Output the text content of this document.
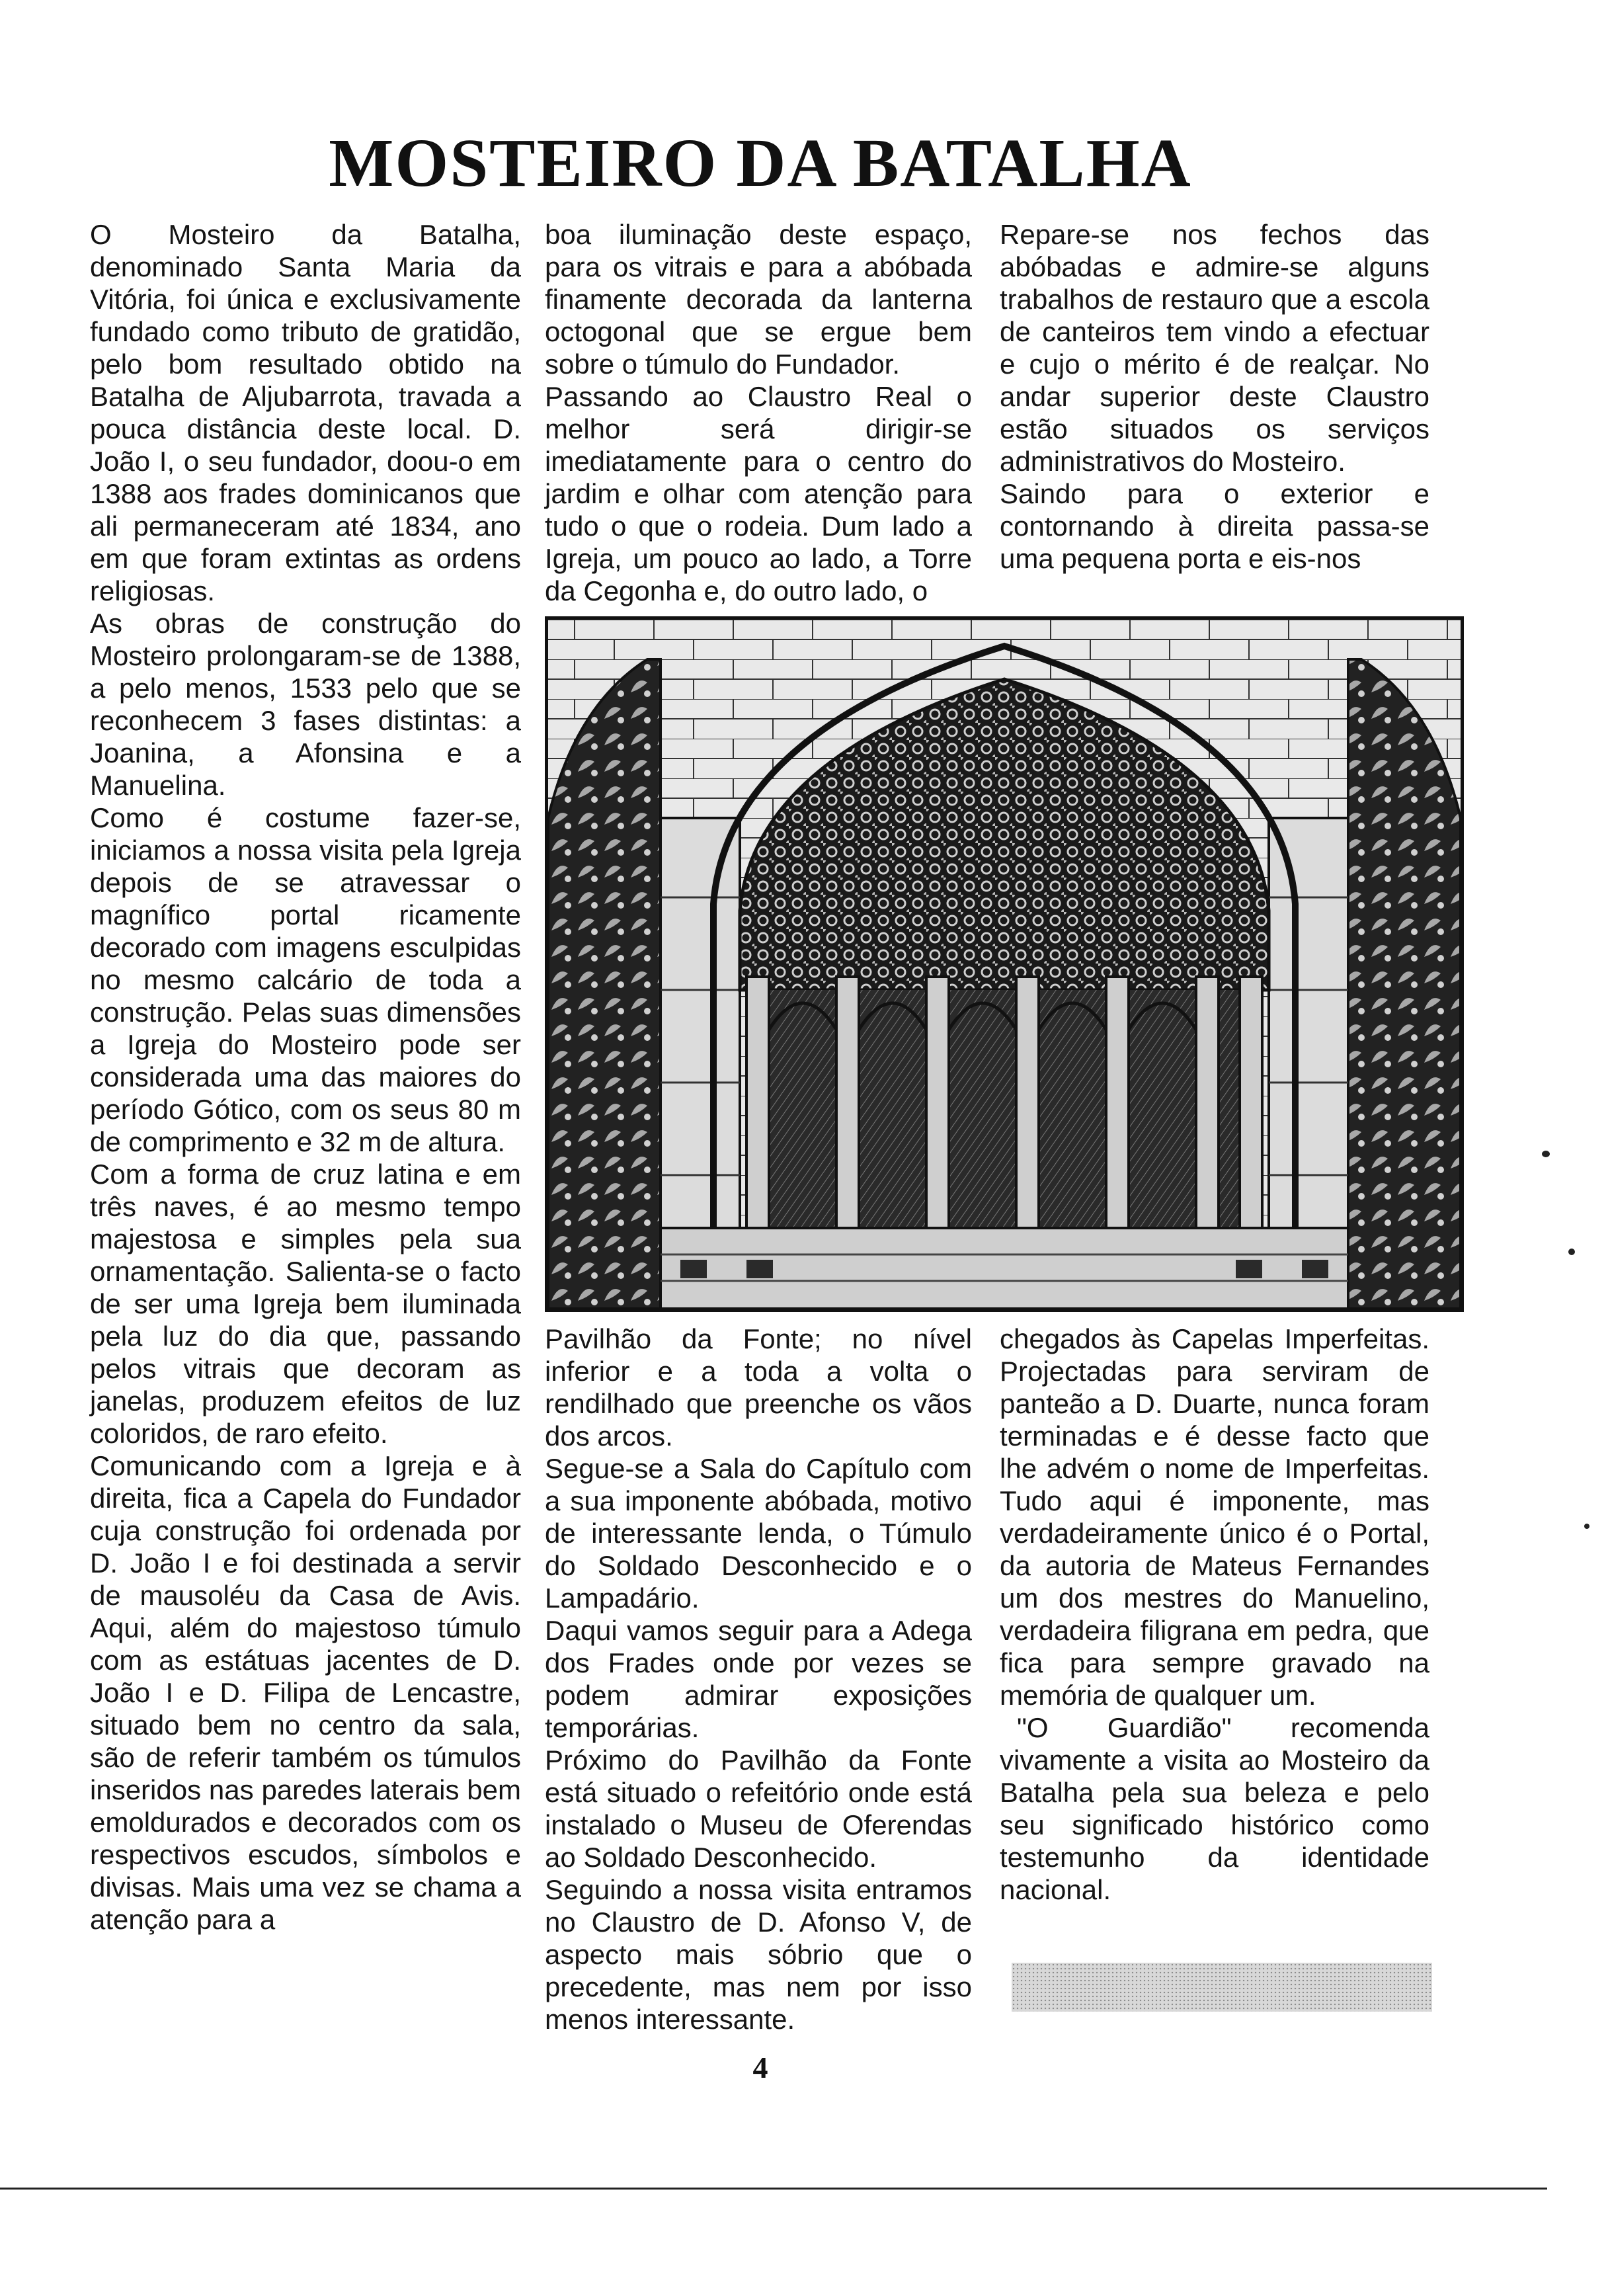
MOSTEIRO DA BATALHA

O Mosteiro da Batalha, denominado Santa Maria da Vitória, foi única e exclusivamente fundado como tributo de gratidão, pelo bom resultado obtido na Batalha de Aljubarrota, travada a pouca distância deste local. D. João I, o seu fundador, doou-o em 1388 aos frades dominicanos que ali permaneceram até 1834, ano em que foram extintas as ordens religiosas.

As obras de construção do Mosteiro prolongaram-se de 1388, a pelo menos, 1533 pelo que se reconhecem 3 fases distintas: a Joanina, a Afonsina e a Manuelina.

Como é costume fazer-se, iniciamos a nossa visita pela Igreja depois de se atravessar o magnífico portal ricamente decorado com imagens esculpidas no mesmo calcário de toda a construção. Pelas suas dimensões a Igreja do Mosteiro pode ser considerada uma das maiores do período Gótico, com os seus 80 m de comprimento e 32 m de altura.

Com a forma de cruz latina e em três naves, é ao mesmo tempo majestosa e simples pela sua ornamentação. Salienta-se o facto de ser uma Igreja bem iluminada pela luz do dia que, passando pelos vitrais que decoram as janelas, produzem efeitos de luz coloridos, de raro efeito.

Comunicando com a Igreja e à direita, fica a Capela do Fundador cuja construção foi ordenada por D. João I e foi destinada a servir de mausoléu da Casa de Avis. Aqui, além do majestoso túmulo com as estátuas jacentes de D. João I e D. Filipa de Lencastre, situado bem no centro da sala, são de referir também os túmulos inseridos nas paredes laterais bem emoldurados e decorados com os respectivos escudos, símbolos e divisas. Mais uma vez se chama a atenção para a

boa iluminação deste espaço, para os vitrais e para a abóbada finamente decorada da lanterna octogonal que se ergue bem sobre o túmulo do Fundador.

Passando ao Claustro Real o melhor será dirigir-se imediatamente para o centro do jardim e olhar com atenção para tudo o que o rodeia. Dum lado a Igreja, um pouco ao lado, a Torre da Cegonha e, do outro lado, o

Repare-se nos fechos das abóbadas e admire-se alguns trabalhos de restauro que a escola de canteiros tem vindo a efectuar e cujo o mérito é de realçar. No andar superior deste Claustro estão situados os serviços administrativos do Mosteiro.

Saindo para o exterior e contornando à direita passa-se uma pequena porta e eis-nos

Pavilhão da Fonte; no nível inferior e a toda a volta o rendilhado que preenche os vãos dos arcos.

Segue-se a Sala do Capítulo com a sua imponente abóbada, motivo de interessante lenda, o Túmulo do Soldado Desconhecido e o Lampadário.

Daqui vamos seguir para a Adega dos Frades onde por vezes se podem admirar exposições temporárias.

Próximo do Pavilhão da Fonte está situado o refeitório onde está instalado o Museu de Oferendas ao Soldado Desconhecido.

Seguindo a nossa visita entramos no Claustro de D. Afonso V, de aspecto mais sóbrio que o precedente, mas nem por isso menos interessante.

chegados às Capelas Imperfeitas. Projectadas para serviram de panteão a D. Duarte, nunca foram terminadas e é desse facto que lhe advém o nome de Imperfeitas. Tudo aqui é imponente, mas verdadeiramente único é o Portal, da autoria de Mateus Fernandes um dos mestres do Manuelino, verdadeira filigrana em pedra, que fica para sempre gravado na memória de qualquer um.

"O Guardião" recomenda vivamente a visita ao Mosteiro da Batalha pela sua beleza e pelo seu significado histórico como testemunho da identidade nacional.

4
